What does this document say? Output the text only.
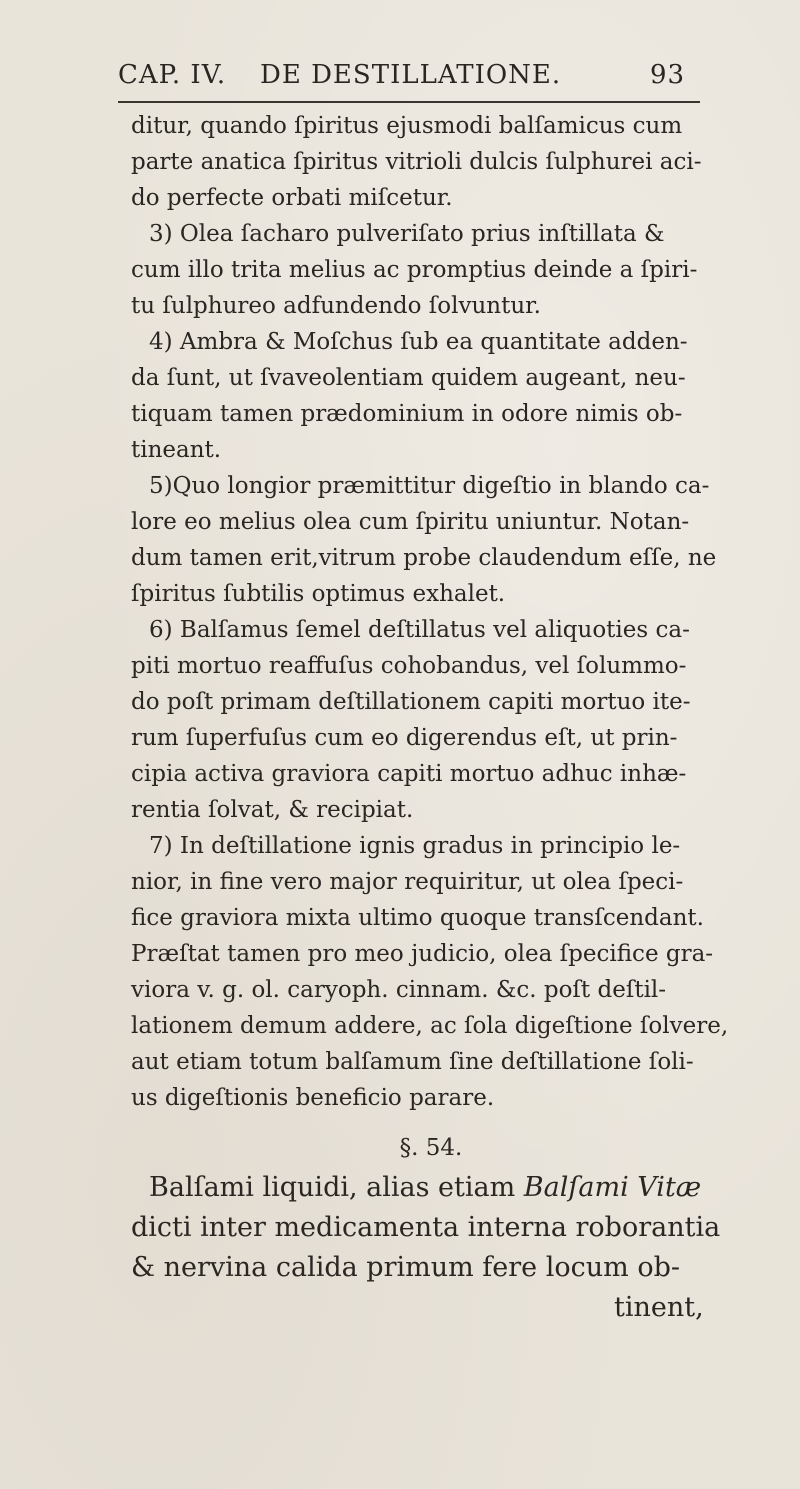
CAP. IV. DE DESTILLATIONE.	93
ditur, quando ſpiritus ejusmodi balſamicus cum
parte anatica ſpiritus vitrioli dulcis ſulphurei aci-
do perfecte orbati miſcetur.
3) Olea ſacharo pulveriſato prius inſtillata &
cum illo trita melius ac promptius deinde a ſpiri-
tu ſulphureo adfundendo ſolvuntur.
4) Ambra & Moſchus ſub ea quantitate adden-
da ſunt, ut ſvaveolentiam quidem augeant, neu-
tiquam tamen prædominium in odore nimis ob-
tineant.
5)Quo longior præmittitur digeſtio in blando ca-
lore eo melius olea cum ſpiritu uniuntur. Notan-
dum tamen erit,vitrum probe claudendum eſſe, ne
ſpiritus ſubtilis optimus exhalet.
6) Balſamus ſemel deſtillatus vel aliquoties ca-
piti mortuo reaffuſus cohobandus, vel ſolummo-
do poſt primam deſtillationem capiti mortuo ite-
rum ſuperfuſus cum eo digerendus eſt, ut prin-
cipia activa graviora capiti mortuo adhuc inhæ-
rentia ſolvat, & recipiat.
7) In deſtillatione ignis gradus in principio le-
nior, in fine vero major requiritur, ut olea ſpeci-
fice graviora mixta ultimo quoque transſcendant.
Præſtat tamen pro meo judicio, olea ſpecifice gra-
viora v. g. ol. caryoph. cinnam. &c. poſt deſtil-
lationem demum addere, ac ſola digeſtione ſolvere,
aut etiam totum balſamum ſine deſtillatione ſoli-
us digeſtionis beneficio parare.
§. 54.
Balſami liquidi, alias etiam Balſami Vitæ
dicti inter medicamenta interna roborantia
& nervina calida primum fere locum ob-
tinent,
